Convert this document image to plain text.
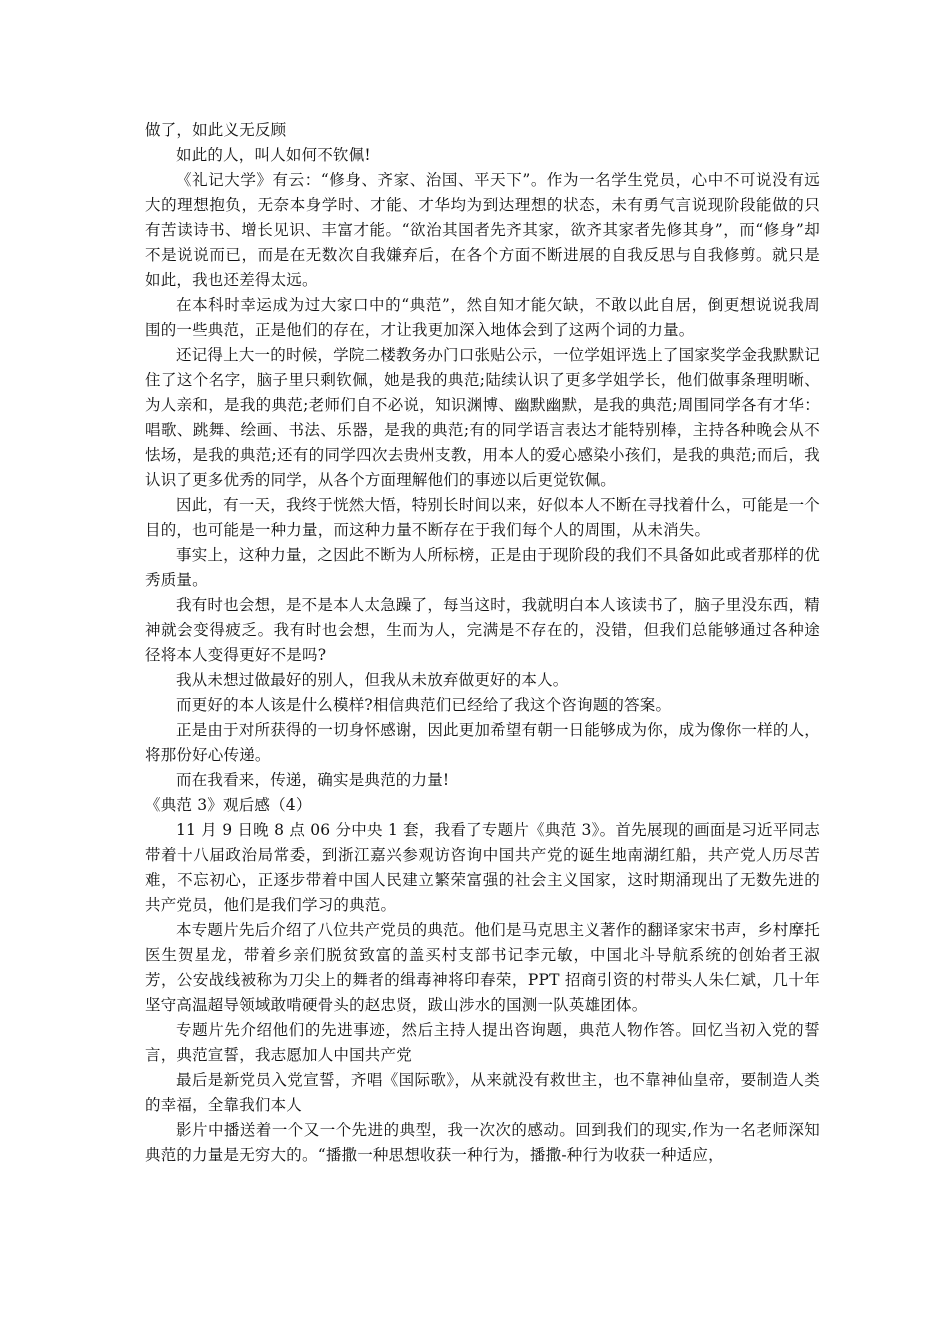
做了，如此义无反顾

如此的人，叫人如何不钦佩!

《礼记大学》有云：“修身、齐家、治国、平天下”。作为一名学生党员，心中不可说没有远大的理想抱负，无奈本身学时、才能、才华均为到达理想的状态，未有勇气言说现阶段能做的只有苦读诗书、增长见识、丰富才能。“欲治其国者先齐其家，欲齐其家者先修其身”，而“修身”却不是说说而已，而是在无数次自我嫌弃后，在各个方面不断进展的自我反思与自我修剪。就只是如此，我也还差得太远。

在本科时幸运成为过大家口中的“典范”，然自知才能欠缺，不敢以此自居，倒更想说说我周围的一些典范，正是他们的存在，才让我更加深入地体会到了这两个词的力量。

还记得上大一的时候，学院二楼教务办门口张贴公示，一位学姐评选上了国家奖学金我默默记住了这个名字，脑子里只剩钦佩，她是我的典范;陆续认识了更多学姐学长，他们做事条理明晰、为人亲和，是我的典范;老师们自不必说，知识渊博、幽默幽默，是我的典范;周围同学各有才华：唱歌、跳舞、绘画、书法、乐器，是我的典范;有的同学语言表达才能特别棒，主持各种晚会从不怯场，是我的典范;还有的同学四次去贵州支教，用本人的爱心感染小孩们，是我的典范;而后，我认识了更多优秀的同学，从各个方面理解他们的事迹以后更觉钦佩。

因此，有一天，我终于恍然大悟，特别长时间以来，好似本人不断在寻找着什么，可能是一个目的，也可能是一种力量，而这种力量不断存在于我们每个人的周围，从未消失。

事实上，这种力量，之因此不断为人所标榜，正是由于现阶段的我们不具备如此或者那样的优秀质量。

我有时也会想，是不是本人太急躁了，每当这时，我就明白本人该读书了，脑子里没东西，精神就会变得疲乏。我有时也会想，生而为人，完满是不存在的，没错，但我们总能够通过各种途径将本人变得更好不是吗?

我从未想过做最好的别人，但我从未放弃做更好的本人。

而更好的本人该是什么模样?相信典范们已经给了我这个咨询题的答案。

正是由于对所获得的一切身怀感谢，因此更加希望有朝一日能够成为你，成为像你一样的人，将那份好心传递。

而在我看来，传递，确实是典范的力量!

《典范 3》观后感（4）

11 月 9 日晚 8 点 06 分中央 1 套，我看了专题片《典范 3》。首先展现的画面是习近平同志带着十八届政治局常委，到浙江嘉兴参观访咨询中国共产党的诞生地南湖红船，共产党人历尽苦难，不忘初心，正逐步带着中国人民建立繁荣富强的社会主义国家，这时期涌现出了无数先进的共产党员，他们是我们学习的典范。

本专题片先后介绍了八位共产党员的典范。他们是马克思主义著作的翻译家宋书声，乡村摩托医生贺星龙，带着乡亲们脱贫致富的盖买村支部书记李元敏，中国北斗导航系统的创始者王淑芳，公安战线被称为刀尖上的舞者的缉毒神将印春荣，PPT 招商引资的村带头人朱仁斌，几十年坚守高温超导领域敢啃硬骨头的赵忠贤，跋山涉水的国测一队英雄团体。

专题片先介绍他们的先进事迹，然后主持人提出咨询题，典范人物作答。回忆当初入党的誓言，典范宣誓，我志愿加人中国共产党

最后是新党员入党宣誓，齐唱《国际歌》，从来就没有救世主，也不靠神仙皇帝，要制造人类的幸福，全靠我们本人

影片中播送着一个又一个先进的典型，我一次次的感动。回到我们的现实,作为一名老师深知典范的力量是无穷大的。“播撒一种思想收获一种行为，播撒-种行为收获一种适应，
